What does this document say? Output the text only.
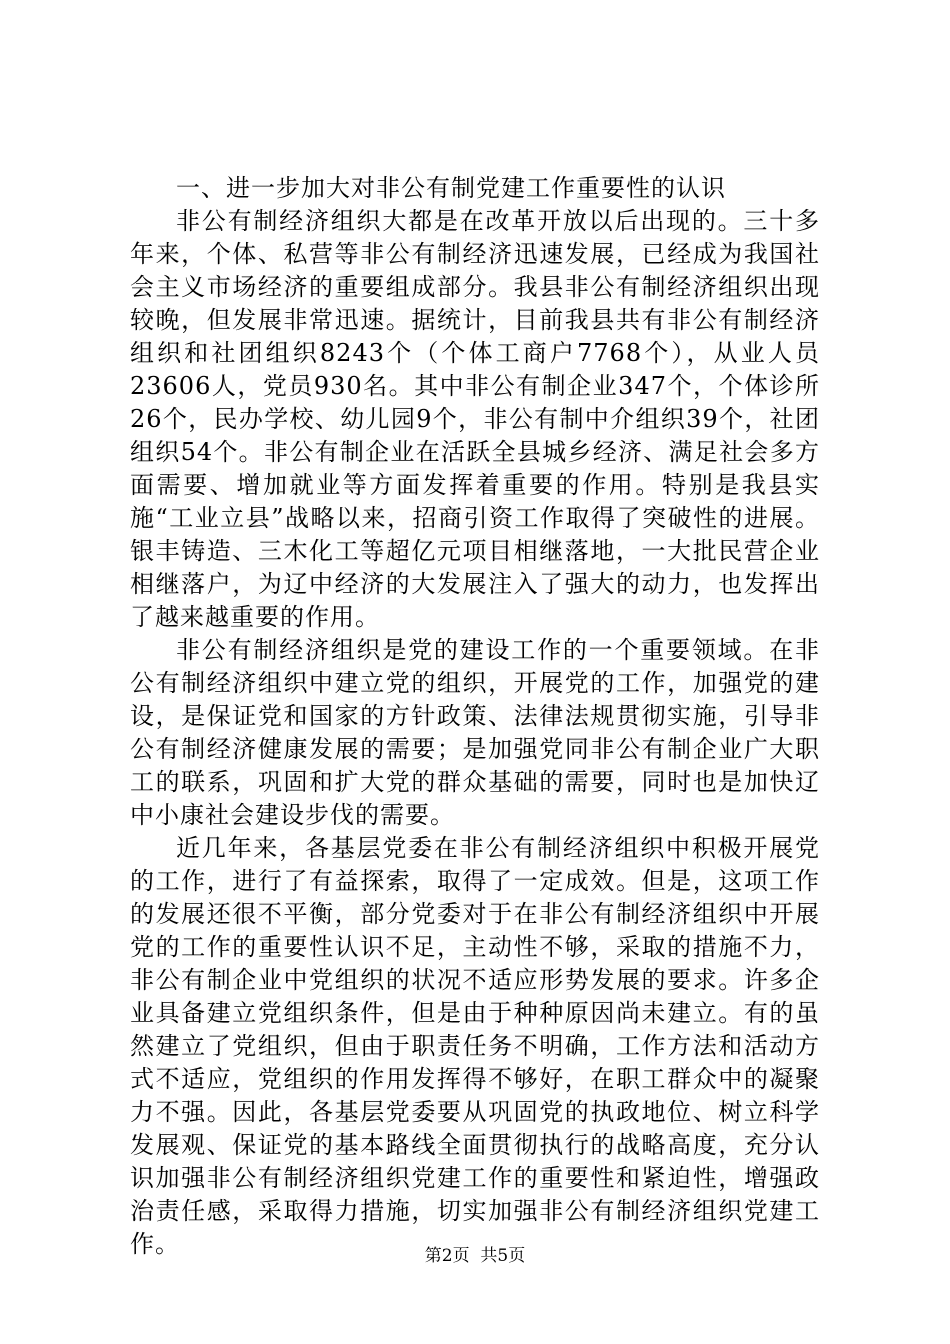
一、进一步加大对非公有制党建工作重要性的认识

非公有制经济组织大都是在改革开放以后出现的。三十多年来，个体、私营等非公有制经济迅速发展，已经成为我国社会主义市场经济的重要组成部分。我县非公有制经济组织出现较晚，但发展非常迅速。据统计，目前我县共有非公有制经济组织和社团组织8243个（个体工商户7768个），从业人员23606人，党员930名。其中非公有制企业347个，个体诊所26个，民办学校、幼儿园9个，非公有制中介组织39个，社团组织54个。非公有制企业在活跃全县城乡经济、满足社会多方面需要、增加就业等方面发挥着重要的作用。特别是我县实施“工业立县”战略以来，招商引资工作取得了突破性的进展。银丰铸造、三木化工等超亿元项目相继落地，一大批民营企业相继落户，为辽中经济的大发展注入了强大的动力，也发挥出了越来越重要的作用。

非公有制经济组织是党的建设工作的一个重要领域。在非公有制经济组织中建立党的组织，开展党的工作，加强党的建设，是保证党和国家的方针政策、法律法规贯彻实施，引导非公有制经济健康发展的需要；是加强党同非公有制企业广大职工的联系，巩固和扩大党的群众基础的需要，同时也是加快辽中小康社会建设步伐的需要。

近几年来，各基层党委在非公有制经济组织中积极开展党的工作，进行了有益探索，取得了一定成效。但是，这项工作的发展还很不平衡，部分党委对于在非公有制经济组织中开展党的工作的重要性认识不足，主动性不够，采取的措施不力，非公有制企业中党组织的状况不适应形势发展的要求。许多企业具备建立党组织条件，但是由于种种原因尚未建立。有的虽然建立了党组织，但由于职责任务不明确，工作方法和活动方式不适应，党组织的作用发挥得不够好，在职工群众中的凝聚力不强。因此，各基层党委要从巩固党的执政地位、树立科学发展观、保证党的基本路线全面贯彻执行的战略高度，充分认识加强非公有制经济组织党建工作的重要性和紧迫性，增强政治责任感，采取得力措施，切实加强非公有制经济组织党建工作。	第2页 共5页
